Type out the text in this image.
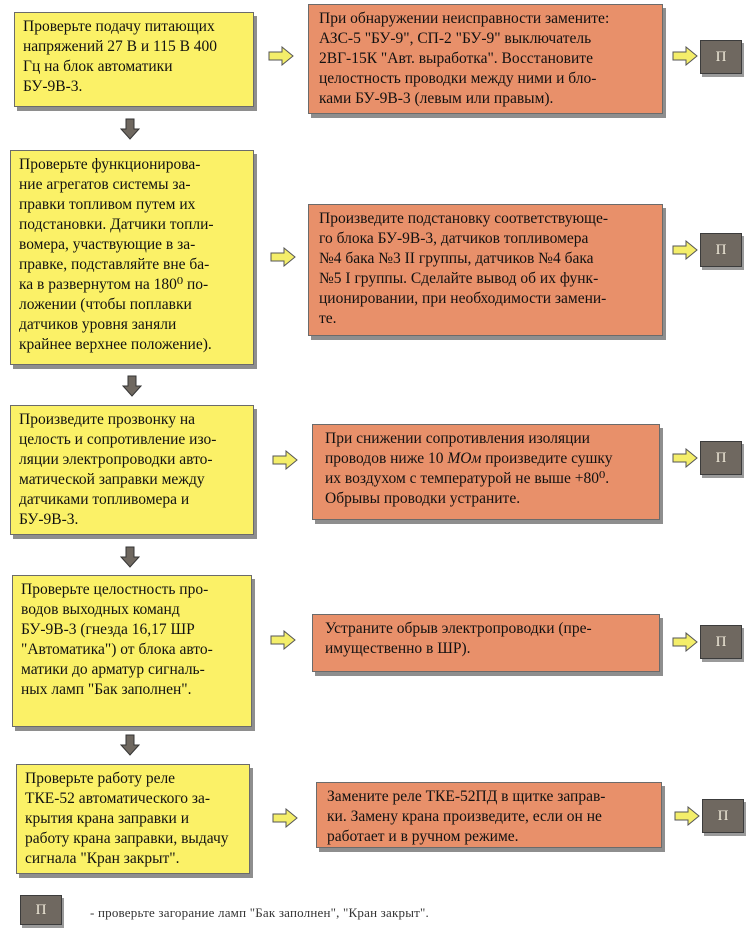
Проверьте подачу питающих
напряжений 27 В и 115 В 400
Гц на блок автоматики
БУ-9В-3.
При обнаружении неисправности замените:
АЗС-5 "БУ-9", СП-2 "БУ-9" выключатель
2ВГ-15К "Авт. выработка". Восстановите
целостность проводки между ними и бло-
ками БУ-9В-3 (левым или правым).
П
Проверьте функционирова-
ние агрегатов системы за-
правки топливом путем их
подстановки. Датчики топли-
вомера, участвующие в за-
правке, подставляйте вне ба-
ка в развернутом на 180⁰ по-
ложении (чтобы поплавки
датчиков уровня заняли
крайнее верхнее положение).
Произведите подстановку соответствующе-
го блока БУ-9В-3, датчиков топливомера
№4 бака №3 II группы, датчиков №4 бака
№5 I группы. Сделайте вывод об их функ-
ционировании, при необходимости замени-
те.
П
Произведите прозвонку на
целость и сопротивление изо-
ляции электропроводки авто-
матической заправки между
датчиками топливомера и
БУ-9В-3.
При снижении сопротивления изоляции
проводов ниже 10 МОм произведите сушку
их воздухом с температурой не выше +80⁰.
Обрывы проводки устраните.
П
Проверьте целостность про-
водов выходных команд
БУ-9В-3 (гнезда 16,17 ШР
"Автоматика") от блока авто-
матики до арматур сигналь-
ных ламп "Бак заполнен".
Устраните обрыв электропроводки (пре-
имущественно в ШР).	П
Проверьте работу реле
ТКЕ-52 автоматического за-
крытия крана заправки и
работу крана заправки, выдачу
сигнала "Кран закрыт".
Замените реле ТКЕ-52ПД в щитке заправ-
ки. Замену крана произведите, если он не
работает и в ручном режиме.
П
П	- проверьте загорание ламп "Бак заполнен", "Кран закрыт".
